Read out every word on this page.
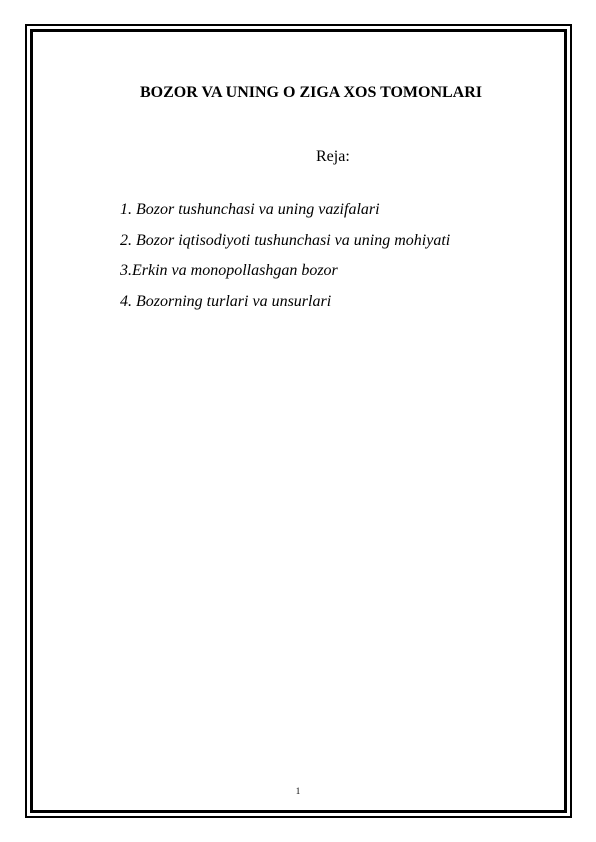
BOZOR VA UNING O ZIGA XOS TOMONLARI
Reja:
1. Bozor tushunchasi va uning vazifalari
2. Bozor iqtisodiyoti tushunchasi va uning mohiyati
3.Erkin va monopollashgan bozor
4. Bozorning turlari va unsurlari
1
